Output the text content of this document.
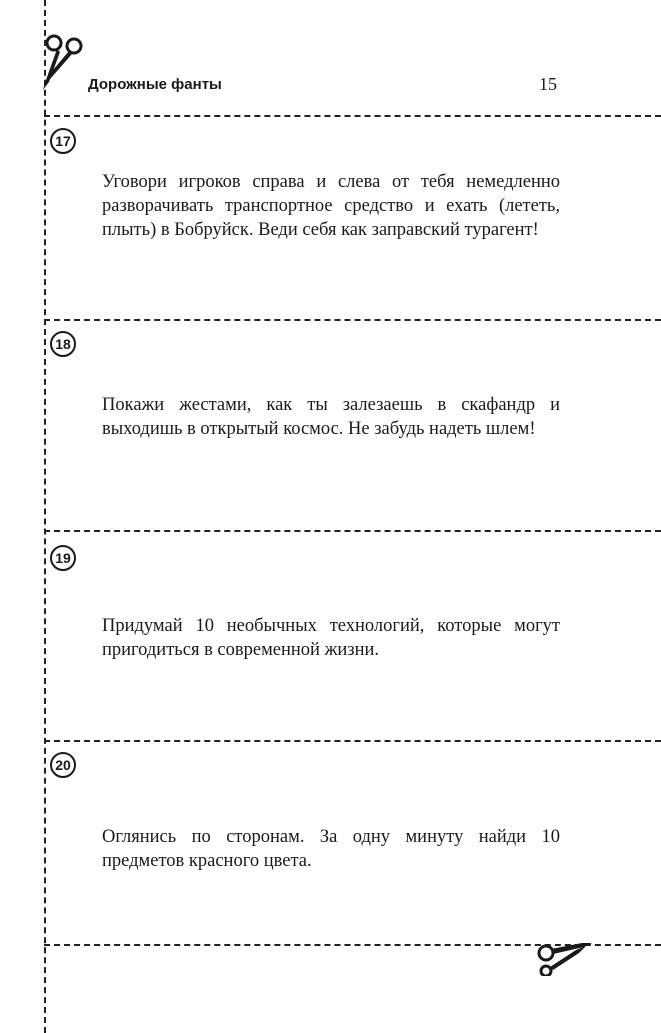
Дорожные фанты	15
17
Уговори игроков справа и слева от тебя немедленно разворачивать транспортное средство и ехать (лететь, плыть) в Бобруйск. Веди себя как заправский турагент!
18
Покажи жестами, как ты залезаешь в скафандр и выходишь в открытый космос. Не забудь надеть шлем!
19
Придумай 10 необычных технологий, которые могут пригодиться в современной жизни.
20
Оглянись по сторонам. За одну минуту найди 10 предметов красного цвета.
